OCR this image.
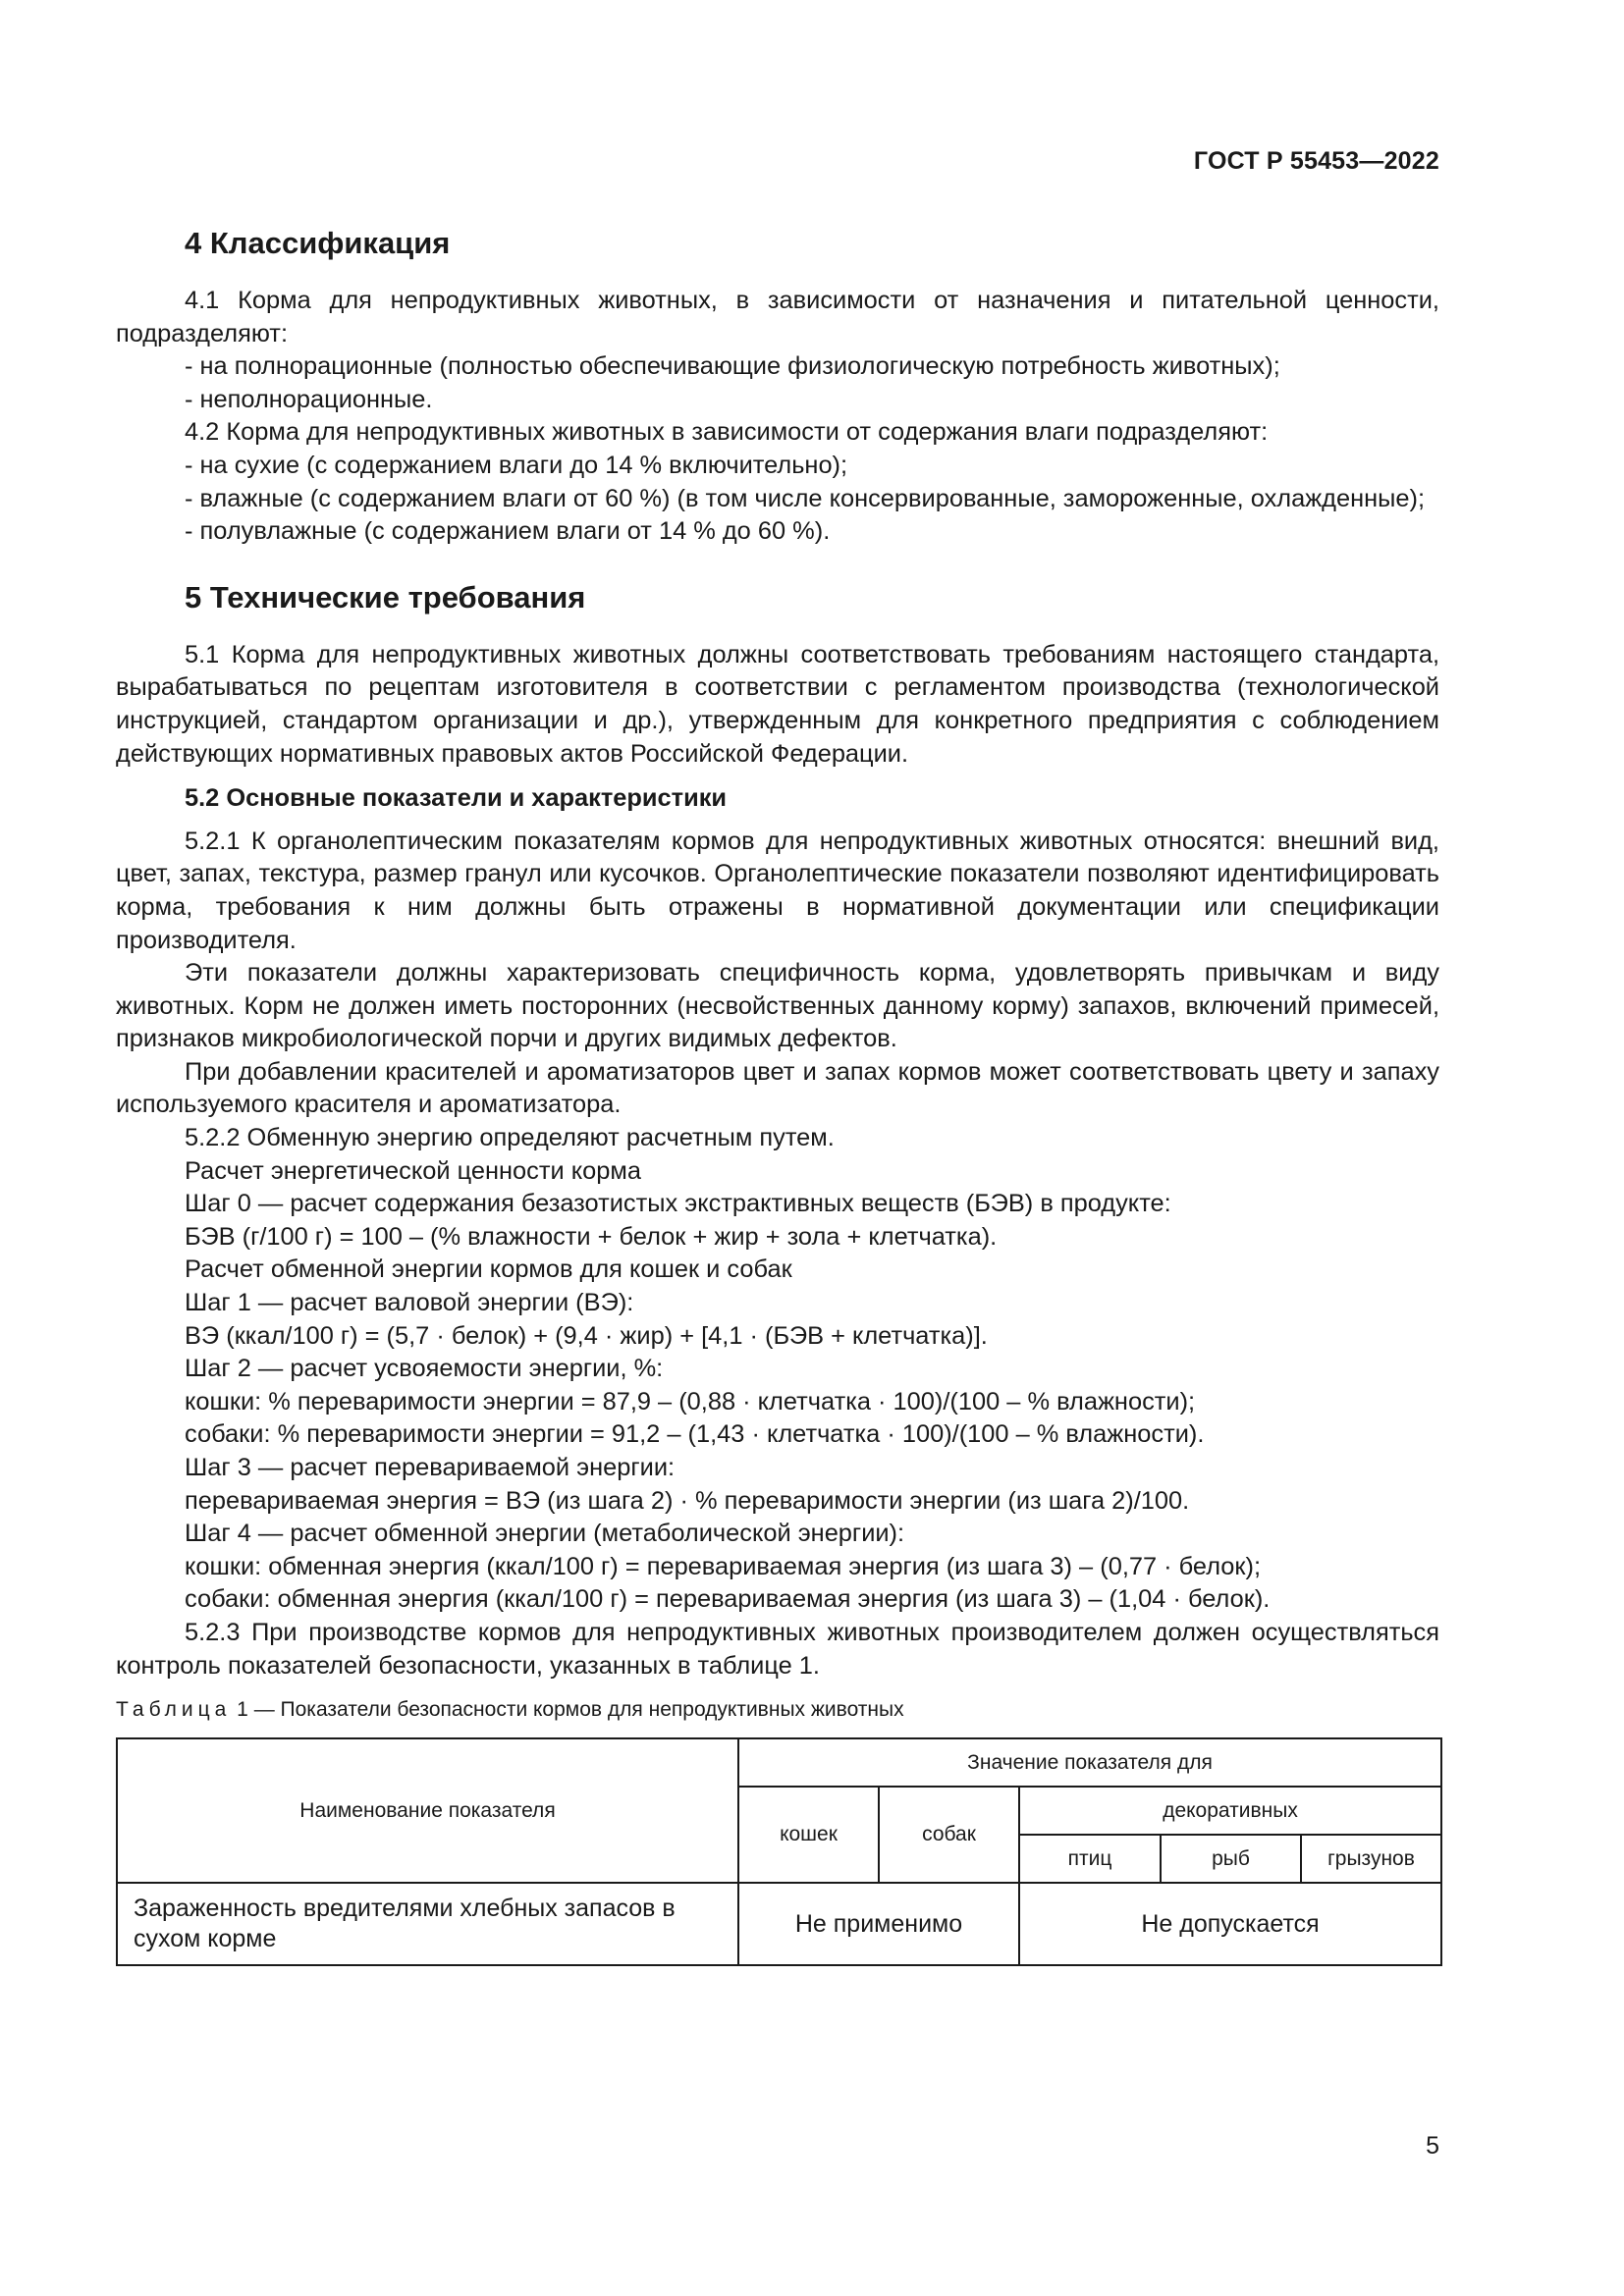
ГОСТ Р 55453—2022
4 Классификация

4.1 Корма для непродуктивных животных, в зависимости от назначения и питательной ценности, подразделяют:

- на полнорационные (полностью обеспечивающие физиологическую потребность животных);

- неполнорационные.

4.2 Корма для непродуктивных животных в зависимости от содержания влаги подразделяют:

- на сухие (с содержанием влаги до 14 % включительно);

- влажные (с содержанием влаги от 60 %) (в том числе консервированные, замороженные, охлажденные);

- полувлажные (с содержанием влаги от 14 % до 60 %).

5 Технические требования

5.1 Корма для непродуктивных животных должны соответствовать требованиям настоящего стандарта, вырабатываться по рецептам изготовителя в соответствии с регламентом производства (технологической инструкцией, стандартом организации и др.), утвержденным для конкретного предприятия с соблюдением действующих нормативных правовых актов Российской Федерации.

5.2 Основные показатели и характеристики

5.2.1 К органолептическим показателям кормов для непродуктивных животных относятся: внешний вид, цвет, запах, текстура, размер гранул или кусочков. Органолептические показатели позволяют идентифицировать корма, требования к ним должны быть отражены в нормативной документации или спецификации производителя.

Эти показатели должны характеризовать специфичность корма, удовлетворять привычкам и виду животных. Корм не должен иметь посторонних (несвойственных данному корму) запахов, включений примесей, признаков микробиологической порчи и других видимых дефектов.

При добавлении красителей и ароматизаторов цвет и запах кормов может соответствовать цвету и запаху используемого красителя и ароматизатора.

5.2.2 Обменную энергию определяют расчетным путем.

Расчет энергетической ценности корма

Шаг 0 — расчет содержания безазотистых экстрактивных веществ (БЭВ) в продукте:

БЭВ (г/100 г) = 100 – (% влажности + белок + жир + зола + клетчатка).

Расчет обменной энергии кормов для кошек и собак

Шаг 1 — расчет валовой энергии (ВЭ):

ВЭ (ккал/100 г) = (5,7 · белок) + (9,4 · жир) + [4,1 · (БЭВ + клетчатка)].

Шаг 2 — расчет усвояемости энергии, %:

кошки: % переваримости энергии = 87,9 – (0,88 · клетчатка · 100)/(100 – % влажности);

собаки: % переваримости энергии = 91,2 – (1,43 · клетчатка · 100)/(100 – % влажности).

Шаг 3 — расчет перевариваемой энергии:

перевариваемая энергия = ВЭ (из шага 2) · % переваримости энергии (из шага 2)/100.

Шаг 4 — расчет обменной энергии (метаболической энергии):

кошки: обменная энергия (ккал/100 г) = перевариваемая энергия (из шага 3) – (0,77 · белок);

собаки: обменная энергия (ккал/100 г) = перевариваемая энергия (из шага 3) – (1,04 · белок).

5.2.3 При производстве кормов для непродуктивных животных производителем должен осуществляться контроль показателей безопасности, указанных в таблице 1.

Таблица 1 — Показатели безопасности кормов для непродуктивных животных
Наименование показателя	Значение показателя для				
	кошек	собак	декоративных		
			птиц	рыб	грызунов
Зараженность вредителями хлебных запасов в сухом корме	Не применимо		Не допускается		
5
